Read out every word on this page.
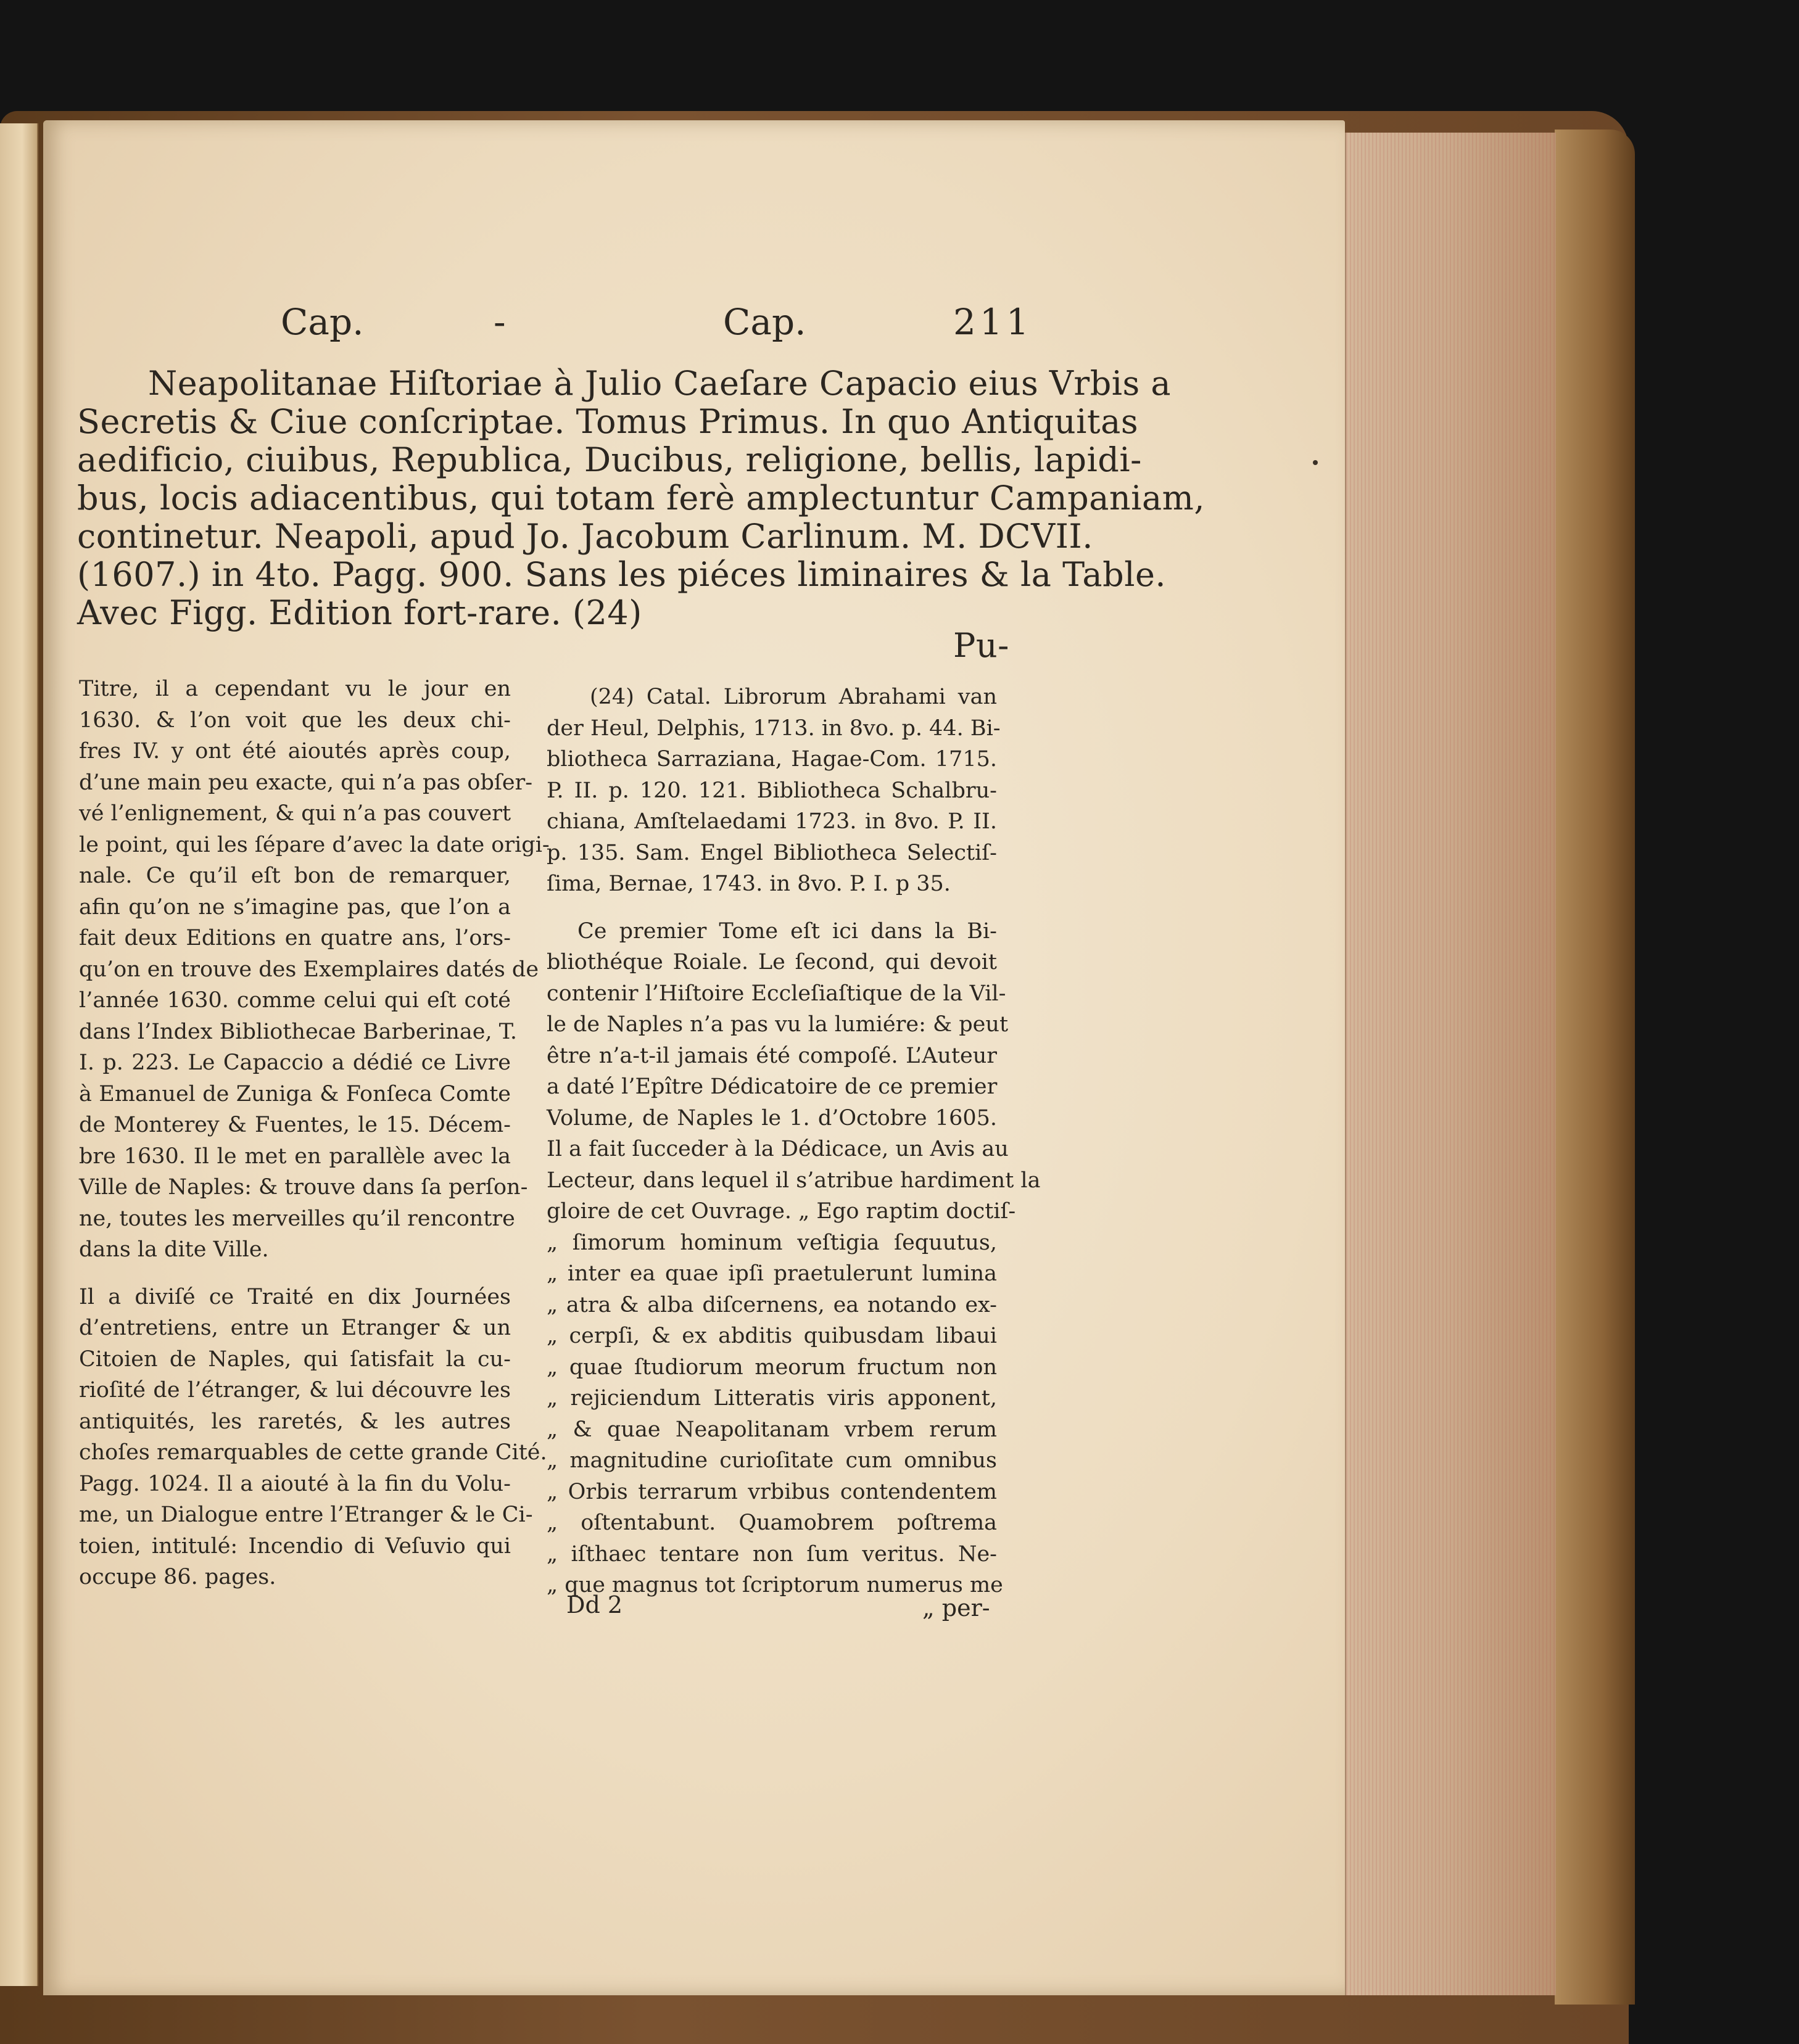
Cap.	-	Cap.	211

Neapolitanae Hiſtoriae à Julio Caeſare Capacio eius Vrbis a

Secretis & Ciue conſcriptae. Tomus Primus. In quo Antiquitas

aedificio, ciuibus, Republica, Ducibus, religione, bellis, lapidi-

bus, locis adiacentibus, qui totam ferè amplectuntur Campaniam,

continetur. Neapoli, apud Jo. Jacobum Carlinum. M. DCVII.

(1607.) in 4to. Pagg. 900. Sans les piéces liminaires & la Table.

Avec Figg. Edition fort-rare. (24)

Pu-

Titre, il a cependant vu le jour en
1630. & l’on voit que les deux chi-
fres IV. y ont été aioutés après coup,
d’une main peu exacte, qui n’a pas obſer-
vé l’enlignement, & qui n’a pas couvert
le point, qui les ſépare d’avec la date origi-
nale. Ce qu’il eſt bon de remarquer,
afin qu’on ne s’imagine pas, que l’on a
fait deux Editions en quatre ans, l’ors-
qu’on en trouve des Exemplaires datés de
l’année 1630. comme celui qui eſt coté
dans l’Index Bibliothecae Barberinae, T.
I. p. 223. Le Capaccio a dédié ce Livre
à Emanuel de Zuniga & Fonſeca Comte
de Monterey & Fuentes, le 15. Décem-
bre 1630. Il le met en parallèle avec la
Ville de Naples: & trouve dans ſa perſon-
ne, toutes les merveilles qu’il rencontre
dans la dite Ville.
Il a diviſé ce Traité en dix Journées
d’entretiens, entre un Etranger & un
Citoien de Naples, qui ſatisfait la cu-
rioſité de l’étranger, & lui découvre les
antiquités, les raretés, & les autres
choſes remarquables de cette grande Cité.
Pagg. 1024. Il a aiouté à la fin du Volu-
me, un Dialogue entre l’Etranger & le Ci-
toien, intitulé: Incendio di Veſuvio qui
occupe 86. pages.
(24) Catal. Librorum Abrahami van
der Heul, Delphis, 1713. in 8vo. p. 44. Bi-
bliotheca Sarraziana, Hagae-Com. 1715.
P. II. p. 120. 121. Bibliotheca Schalbru-
chiana, Amſtelaedami 1723. in 8vo. P. II.
p. 135. Sam. Engel Bibliotheca Selectiſ-
ſima, Bernae, 1743. in 8vo. P. I. p 35.
Ce premier Tome eſt ici dans la Bi-
bliothéque Roiale. Le ſecond, qui devoit
contenir l’Hiſtoire Eccleſiaſtique de la Vil-
le de Naples n’a pas vu la lumiére: & peut
être n’a-t-il jamais été compoſé. L’Auteur
a daté l’Epître Dédicatoire de ce premier
Volume, de Naples le 1. d’Octobre 1605.
Il a fait ſucceder à la Dédicace, un Avis au
Lecteur, dans lequel il s’atribue hardiment la
gloire de cet Ouvrage. „ Ego raptim doctiſ-
„ ſimorum hominum veſtigia ſequutus,
„ inter ea quae ipſi praetulerunt lumina
„ atra & alba diſcernens, ea notando ex-
„ cerpſi, & ex abditis quibusdam libaui
„ quae ſtudiorum meorum fructum non
„ rejiciendum Litteratis viris apponent,
„ & quae Neapolitanam vrbem rerum
„ magnitudine curioſitate cum omnibus
„ Orbis terrarum vrbibus contendentem
„ oſtentabunt. Quamobrem poſtrema
„ iſthaec tentare non ſum veritus. Ne-
„ que magnus tot ſcriptorum numerus me

Dd 2	„ per-
